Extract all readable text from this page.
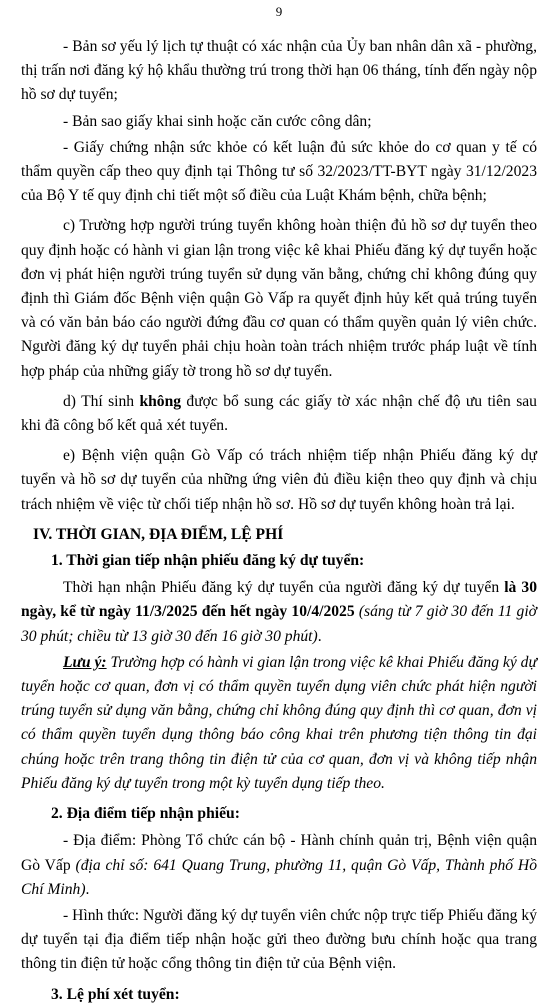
9

- Bản sơ yếu lý lịch tự thuật có xác nhận của Ủy ban nhân dân xã - phường, thị trấn nơi đăng ký hộ khẩu thường trú trong thời hạn 06 tháng, tính đến ngày nộp hồ sơ dự tuyển;

- Bản sao giấy khai sinh hoặc căn cước công dân;

- Giấy chứng nhận sức khỏe có kết luận đủ sức khỏe do cơ quan y tế có thẩm quyền cấp theo quy định tại Thông tư số 32/2023/TT-BYT ngày 31/12/2023 của Bộ Y tế quy định chi tiết một số điều của Luật Khám bệnh, chữa bệnh;

c) Trường hợp người trúng tuyển không hoàn thiện đủ hồ sơ dự tuyển theo quy định hoặc có hành vi gian lận trong việc kê khai Phiếu đăng ký dự tuyển hoặc đơn vị phát hiện người trúng tuyển sử dụng văn bằng, chứng chỉ không đúng quy định thì Giám đốc Bệnh viện quận Gò Vấp ra quyết định hủy kết quả trúng tuyển và có văn bản báo cáo người đứng đầu cơ quan có thẩm quyền quản lý viên chức. Người đăng ký dự tuyển phải chịu hoàn toàn trách nhiệm trước pháp luật về tính hợp pháp của những giấy tờ trong hồ sơ dự tuyển.

d) Thí sinh không được bổ sung các giấy tờ xác nhận chế độ ưu tiên sau khi đã công bố kết quả xét tuyển.

e) Bệnh viện quận Gò Vấp có trách nhiệm tiếp nhận Phiếu đăng ký dự tuyển và hồ sơ dự tuyển của những ứng viên đủ điều kiện theo quy định và chịu trách nhiệm về việc từ chối tiếp nhận hồ sơ. Hồ sơ dự tuyển không hoàn trả lại.

IV. THỜI GIAN, ĐỊA ĐIỂM, LỆ PHÍ
1. Thời gian tiếp nhận phiếu đăng ký dự tuyển:

Thời hạn nhận Phiếu đăng ký dự tuyển của người đăng ký dự tuyển là 30 ngày, kể từ ngày 11/3/2025 đến hết ngày 10/4/2025 (sáng từ 7 giờ 30 đến 11 giờ 30 phút; chiều từ 13 giờ 30 đến 16 giờ 30 phút).

Lưu ý: Trường hợp có hành vi gian lận trong việc kê khai Phiếu đăng ký dự tuyển hoặc cơ quan, đơn vị có thẩm quyền tuyển dụng viên chức phát hiện người trúng tuyển sử dụng văn bằng, chứng chỉ không đúng quy định thì cơ quan, đơn vị có thẩm quyền tuyển dụng thông báo công khai trên phương tiện thông tin đại chúng hoặc trên trang thông tin điện tử của cơ quan, đơn vị và không tiếp nhận Phiếu đăng ký dự tuyển trong một kỳ tuyển dụng tiếp theo.

2. Địa điểm tiếp nhận phiếu:

- Địa điểm: Phòng Tổ chức cán bộ - Hành chính quản trị, Bệnh viện quận Gò Vấp (địa chỉ số: 641 Quang Trung, phường 11, quận Gò Vấp, Thành phố Hồ Chí Minh).

- Hình thức: Người đăng ký dự tuyển viên chức nộp trực tiếp Phiếu đăng ký dự tuyển tại địa điểm tiếp nhận hoặc gửi theo đường bưu chính hoặc qua trang thông tin điện tử hoặc cổng thông tin điện tử của Bệnh viện.

3. Lệ phí xét tuyển:
